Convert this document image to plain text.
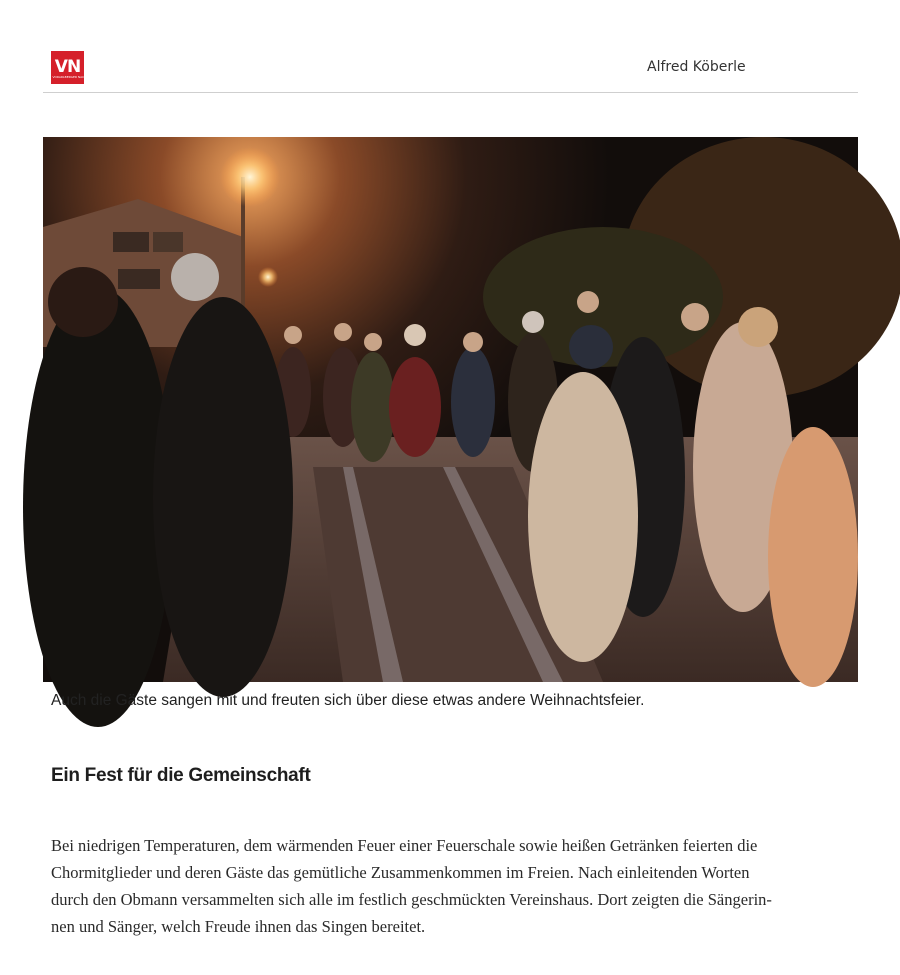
VN
VORARLBERGER NACHRICHTEN
Alfred Köberle
Auch die Gäste sangen mit und freuten sich über diese etwas andere Weihnachtsfeier.
Ein Fest für die Gemeinschaft
Bei niedrigen Temperaturen, dem wärmenden Feuer einer Feuerschale sowie heißen Getränken feierten die
Chormitglieder und deren Gäste das gemütliche Zusammenkommen im Freien. Nach einleitenden Worten
durch den Obmann versammelten sich alle im festlich geschmückten Vereinshaus. Dort zeigten die Sängerin-
nen und Sänger, welch Freude ihnen das Singen bereitet.
